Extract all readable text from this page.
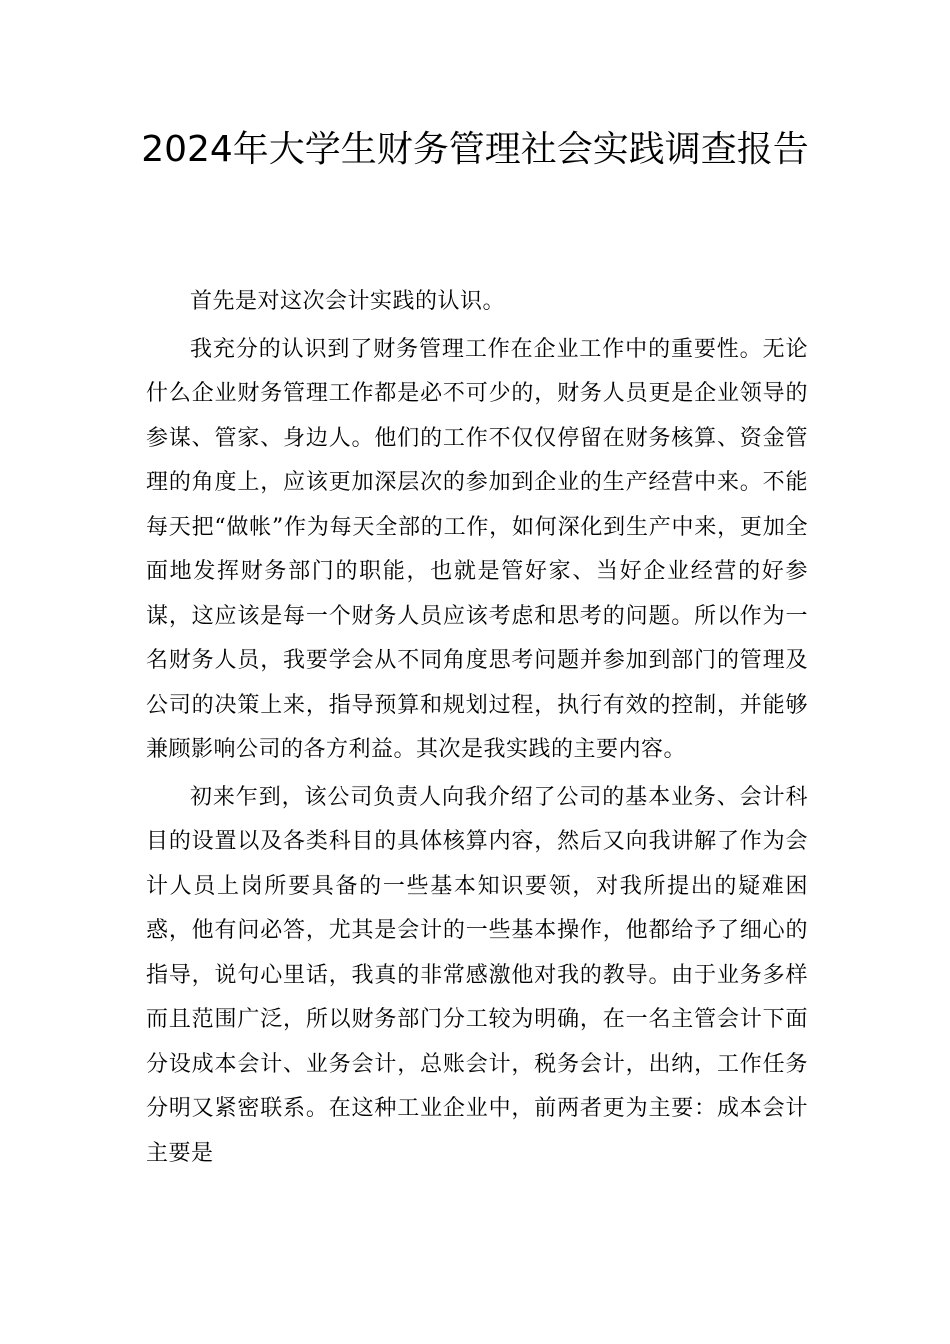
2024年大学生财务管理社会实践调查报告

首先是对这次会计实践的认识。

我充分的认识到了财务管理工作在企业工作中的重要性。无论什么企业财务管理工作都是必不可少的，财务人员更是企业领导的参谋、管家、身边人。他们的工作不仅仅停留在财务核算、资金管理的角度上，应该更加深层次的参加到企业的生产经营中来。不能每天把“做帐”作为每天全部的工作，如何深化到生产中来，更加全面地发挥财务部门的职能，也就是管好家、当好企业经营的好参谋，这应该是每一个财务人员应该考虑和思考的问题。所以作为一名财务人员，我要学会从不同角度思考问题并参加到部门的管理及公司的决策上来，指导预算和规划过程，执行有效的控制，并能够兼顾影响公司的各方利益。其次是我实践的主要内容。

初来乍到，该公司负责人向我介绍了公司的基本业务、会计科目的设置以及各类科目的具体核算内容，然后又向我讲解了作为会计人员上岗所要具备的一些基本知识要领，对我所提出的疑难困惑，他有问必答，尤其是会计的一些基本操作，他都给予了细心的指导，说句心里话，我真的非常感激他对我的教导。由于业务多样而且范围广泛，所以财务部门分工较为明确，在一名主管会计下面分设成本会计、业务会计，总账会计，税务会计，出纳，工作任务分明又紧密联系。在这种工业企业中，前两者更为主要：成本会计主要是
